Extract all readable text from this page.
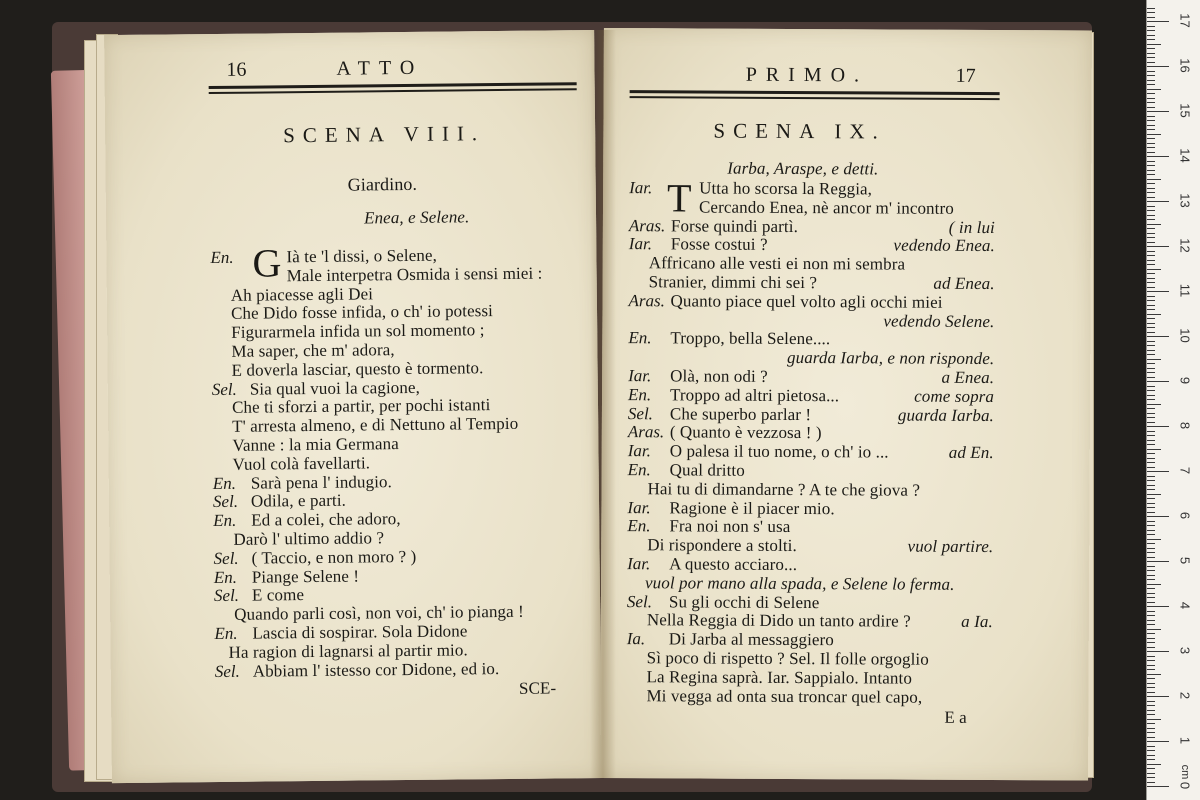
16	ATTO
SCENA VIII.
Giardino.
Enea, e Selene.
G
En.	Ià te 'l dissi, o Selene,
Male interpetra Osmida i sensi miei :
Ah piacesse agli Dei
Che Dido fosse infida, o ch' io potessi
Figurarmela infida un sol momento ;
Ma saper, che m' adora,
E doverla lasciar, questo è tormento.
Sel. Sia qual vuoi la cagione,
Che ti sforzi a partir, per pochi istanti
T' arresta almeno, e di Nettuno al Tempio
Vanne : la mia Germana
Vuol colà favellarti.
En. Sarà pena l' indugio.
Sel. Odila, e parti.
En. Ed a colei, che adoro,
Darò l' ultimo addio ?
Sel. ( Taccio, e non moro ? )
En. Piange Selene !
Sel. E come
Quando parli così, non voi, ch' io pianga !
En. Lascia di sospirar. Sola Didone
Ha ragion di lagnarsi al partir mio.
Sel. Abbiam l' istesso cor Didone, ed io.
SCE-
PRIMO.	17
SCENA IX.
Iarba, Araspe, e detti.
T
Iar.	Utta ho scorsa la Reggia,
Cercando Enea, nè ancor m' incontro
Aras. Forse quindi partì.	( in lui
Iar. Fosse costui ?	vedendo Enea.
Affricano alle vesti ei non mi sembra
Stranier, dimmi chi sei ?	ad Enea.
Aras. Quanto piace quel volto agli occhi miei
vedendo Selene.
En. Troppo, bella Selene....
guarda Iarba, e non risponde.
Iar. Olà, non odi ?	a Enea.
En. Troppo ad altri pietosa...	come sopra
Sel. Che superbo parlar !	guarda Iarba.
Aras. ( Quanto è vezzosa ! )
Iar. O palesa il tuo nome, o ch' io ...	ad En.
En. Qual dritto
Hai tu di dimandarne ? A te che giova ?
Iar. Ragione è il piacer mio.
En. Fra noi non s' usa
Di rispondere a stolti.	vuol partire.
Iar. A questo acciaro...
vuol por mano alla spada, e Selene lo ferma.
Sel. Su gli occhi di Selene
Nella Reggia di Dido un tanto ardire ?	a Ia.
Ia. Di Jarba al messaggiero
Sì poco di rispetto ? Sel. Il folle orgoglio
La Regina saprà. Iar. Sappialo. Intanto
Mi vegga ad onta sua troncar quel capo,
E a
0
1
2
3
4
5
6
7
8
9
10
11
12
13
14
15
16
17
cm
